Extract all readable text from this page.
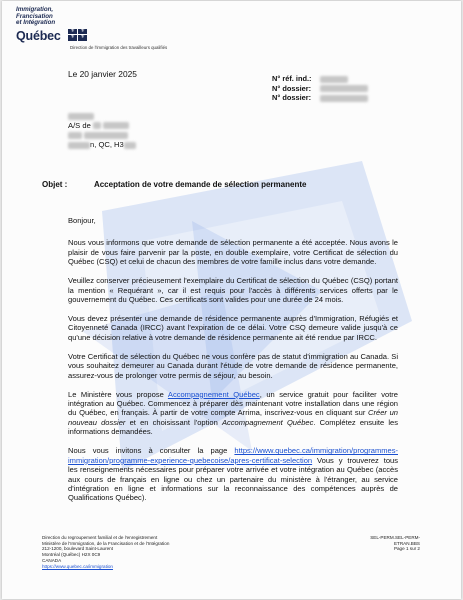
Immigration,
Francisation
et Intégration
Québec	⚜	⚜
⚜	⚜
Direction de l'immigration des travailleurs qualifiés
Le 20 janvier 2025	N° réf. ind.:
N° dossier:
N° dossier:
A/S de

n, QC, H3
Objet :	Acceptation de votre demande de sélection permanente

Bonjour,

Nous vous informons que votre demande de sélection permanente a été acceptée. Nous avons le plaisir de vous faire parvenir par la poste, en double exemplaire, votre Certificat de sélection du Québec (CSQ) et celui de chacun des membres de votre famille inclus dans votre demande.

Veuillez conserver précieusement l'exemplaire du Certificat de sélection du Québec (CSQ) portant la mention « Requérant », car il est requis pour l'accès à différents services offerts par le gouvernement du Québec. Ces certificats sont valides pour une durée de 24 mois.

Vous devez présenter une demande de résidence permanente auprès d'Immigration, Réfugiés et Citoyenneté Canada (IRCC) avant l'expiration de ce délai. Votre CSQ demeure valide jusqu'à ce qu'une décision relative à votre demande de résidence permanente ait été rendue par IRCC.

Votre Certificat de sélection du Québec ne vous confère pas de statut d'immigration au Canada. Si vous souhaitez demeurer au Canada durant l'étude de votre demande de résidence permanente, assurez-vous de prolonger votre permis de séjour, au besoin.

Le Ministère vous propose Accompagnement Québec, un service gratuit pour faciliter votre intégration au Québec. Commencez à préparer dès maintenant votre installation dans une région du Québec, en français. À partir de votre compte Arrima, inscrivez-vous en cliquant sur Créer un nouveau dossier et en choisissant l'option Accompagnement Québec. Complétez ensuite les informations demandées.

Nous vous invitons à consulter la page https://www.quebec.ca/immigration/programmes-immigration/programme-experience-quebecoise/apres-certificat-selection Vous y trouverez tous les renseignements nécessaires pour préparer votre arrivée et votre intégration au Québec (accès aux cours de français en ligne ou chez un partenaire du ministère à l'étranger, au service d'intégration en ligne et informations sur la reconnaissance des compétences auprès de Qualifications Québec).

Direction du regroupement familial et de l'enregistrement
Ministère de l'Immigration, de la Francisation et de l'Intégration
212-1200, boulevard Saint-Laurent
Montréal (Québec) H2X 0C9
CANADA
https://www.quebec.ca/immigration
SEL-PERM.SEL-PERM-ETRAN.BBS
Page 1 sur 2
